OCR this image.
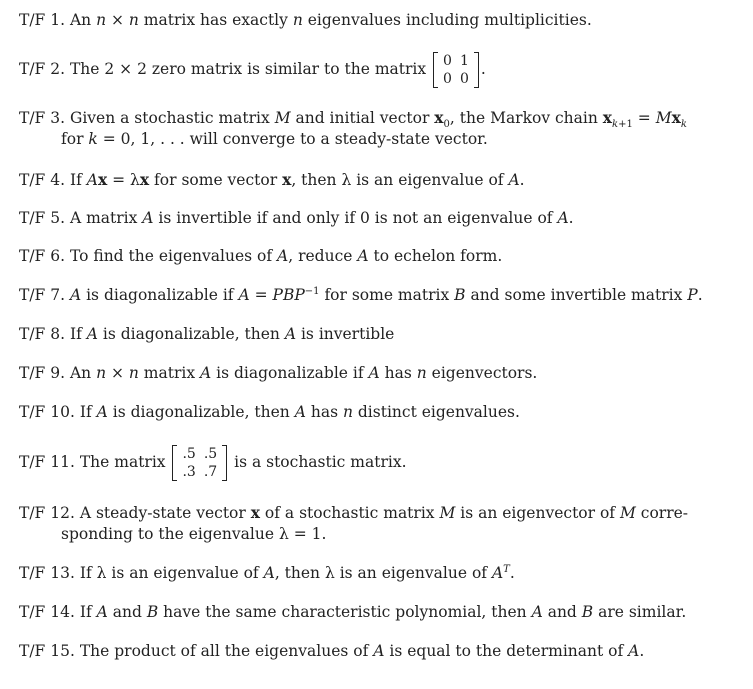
T/F 1. An n × n matrix has exactly n eigenvalues including multiplicities.
T/F 2. The 2 × 2 zero matrix is similar to the matrix 0	1
0	0
.
T/F 3. Given a stochastic matrix M and initial vector $x_0$, the Markov chain $x_{k+1} = Mx_k$
for k = 0, 1, . . . will converge to a steady-state vector.
T/F 4. If Ax = λx for some vector x, then λ is an eigenvalue of A.
T/F 5. A matrix A is invertible if and only if 0 is not an eigenvalue of A.
T/F 6. To find the eigenvalues of A, reduce A to echelon form.
T/F 7. A is diagonalizable if $A = PBP^{-1}$ for some matrix B and some invertible matrix P.
T/F 8. If A is diagonalizable, then A is invertible
T/F 9. An n × n matrix A is diagonalizable if A has n eigenvectors.
T/F 10. If A is diagonalizable, then A has n distinct eigenvalues.
T/F 11. The matrix .5	.5
.3	.7
is a stochastic matrix.
T/F 12. A steady-state vector x of a stochastic matrix M is an eigenvector of M corre-
sponding to the eigenvalue λ = 1.
T/F 13. If λ is an eigenvalue of A, then λ is an eigenvalue of $A^T$.
T/F 14. If A and B have the same characteristic polynomial, then A and B are similar.
T/F 15. The product of all the eigenvalues of A is equal to the determinant of A.
